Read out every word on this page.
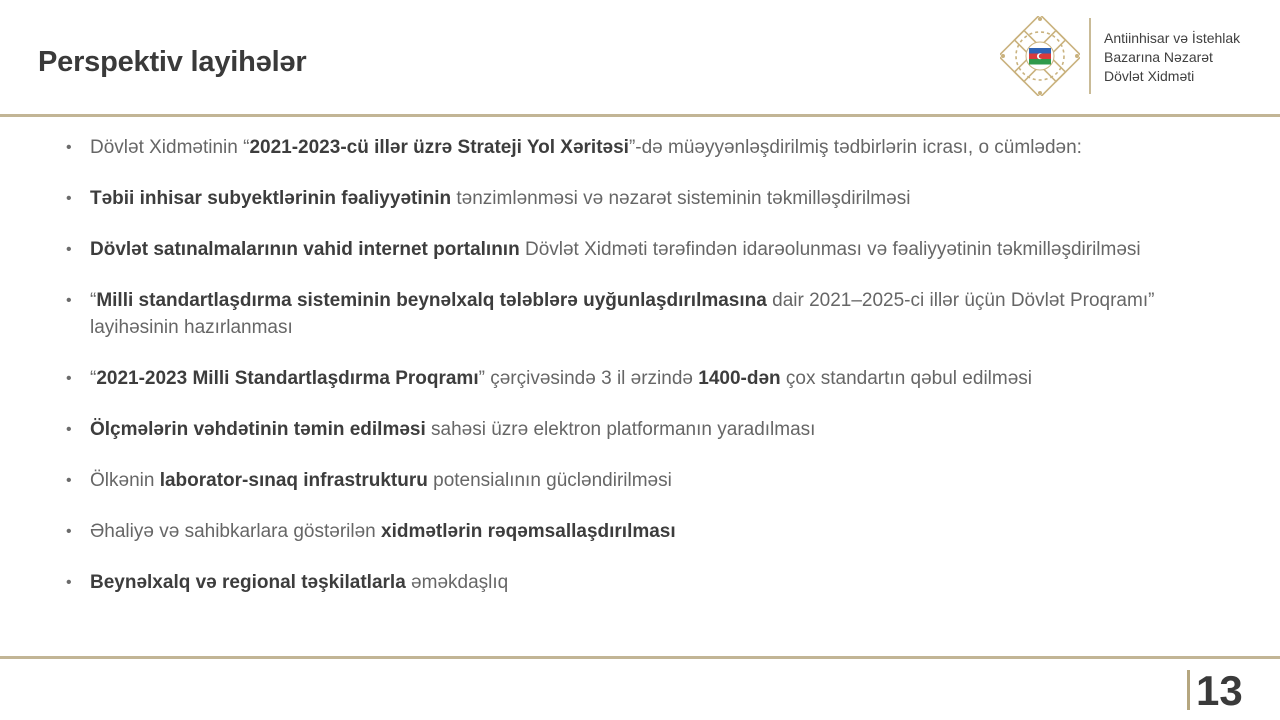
Perspektiv layihələr
Antiinhisar və İstehlak
Bazarına Nəzarət
Dövlət Xidməti
• Dövlət Xidmətinin “2021-2023-cü illər üzrə Strateji Yol Xəritəsi”-də müəyyənləşdirilmiş tədbirlərin icrası, o cümlədən:
• Təbii inhisar subyektlərinin fəaliyyətinin tənzimlənməsi və nəzarət sisteminin təkmilləşdirilməsi
• Dövlət satınalmalarının vahid internet portalının Dövlət Xidməti tərəfindən idarəolunması və fəaliyyətinin təkmilləşdirilməsi
• “Milli standartlaşdırma sisteminin beynəlxalq tələblərə uyğunlaşdırılmasına dair 2021–2025-ci illər üçün Dövlət Proqramı” layihəsinin hazırlanması
• “2021-2023 Milli Standartlaşdırma Proqramı” çərçivəsində 3 il ərzində 1400-dən çox standartın qəbul edilməsi
• Ölçmələrin vəhdətinin təmin edilməsi sahəsi üzrə elektron platformanın yaradılması
• Ölkənin laborator-sınaq infrastrukturu potensialının gücləndirilməsi
• Əhaliyə və sahibkarlara göstərilən xidmətlərin rəqəmsallaşdırılması
• Beynəlxalq və regional təşkilatlarla əməkdaşlıq
13
